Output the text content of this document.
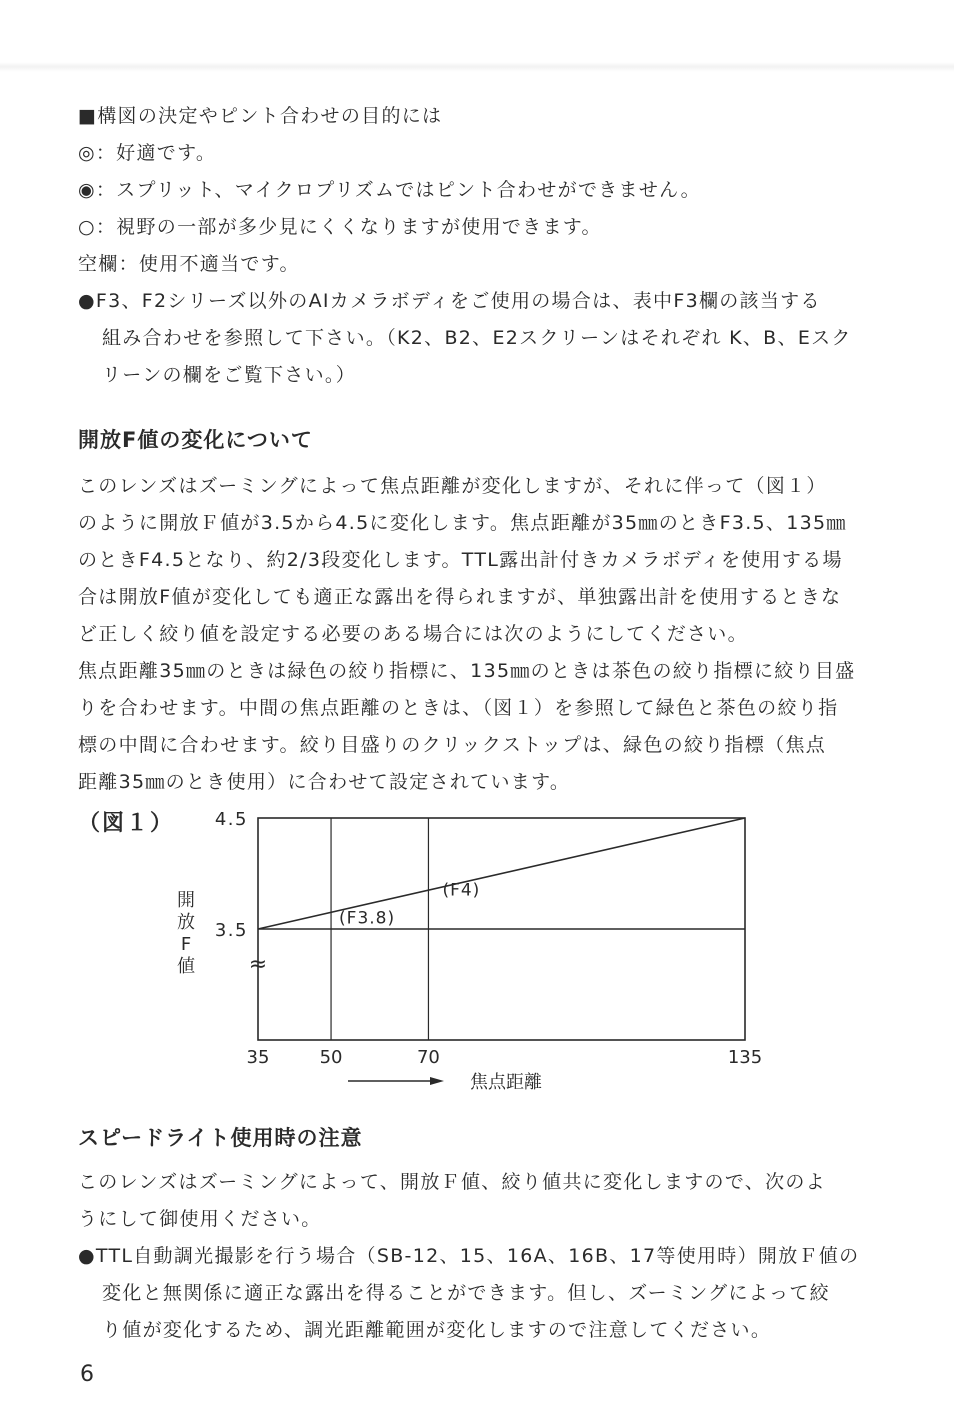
■構図の決定やピント合わせの目的には
◎：好適です。
◉：スプリット、マイクロプリズムではピント合わせができません。
○：視野の一部が多少見にくくなりますが使用できます。
空欄：使用不適当です。
●F3、F2シリーズ以外のAIカメラボディをご使用の場合は、表中F3欄の該当する
組み合わせを参照して下さい。（K2、B2、E2スクリーンはそれぞれ K、B、Eスク
リーンの欄をご覧下さい。）
開放F値の変化について
このレンズはズーミングによって焦点距離が変化しますが、それに伴って（図１）
のように開放Ｆ値が3.5から4.5に変化します。焦点距離が35㎜のときF3.5、135㎜
のときF4.5となり、約2/3段変化します。TTL露出計付きカメラボディを使用する場
合は開放F値が変化しても適正な露出を得られますが、単独露出計を使用するときな
ど正しく絞り値を設定する必要のある場合には次のようにしてください。
焦点距離35㎜のときは緑色の絞り指標に、135㎜のときは茶色の絞り指標に絞り目盛
りを合わせます。中間の焦点距離のときは、（図１）を参照して緑色と茶色の絞り指
標の中間に合わせます。絞り目盛りのクリックストップは、緑色の絞り指標（焦点
距離35㎜のとき使用）に合わせて設定されています。
（図１）
3.5
4.5
35	50	70	135
≈
(F3.8)
(F4)
開
放
F
値
焦点距離
スピードライト使用時の注意
このレンズはズーミングによって、開放Ｆ値、絞り値共に変化しますので、次のよ
うにして御使用ください。
●TTL自動調光撮影を行う場合（SB-12、15、16A、16B、17等使用時）開放Ｆ値の
変化と無関係に適正な露出を得ることができます。但し、ズーミングによって絞
り値が変化するため、調光距離範囲が変化しますので注意してください。
6
